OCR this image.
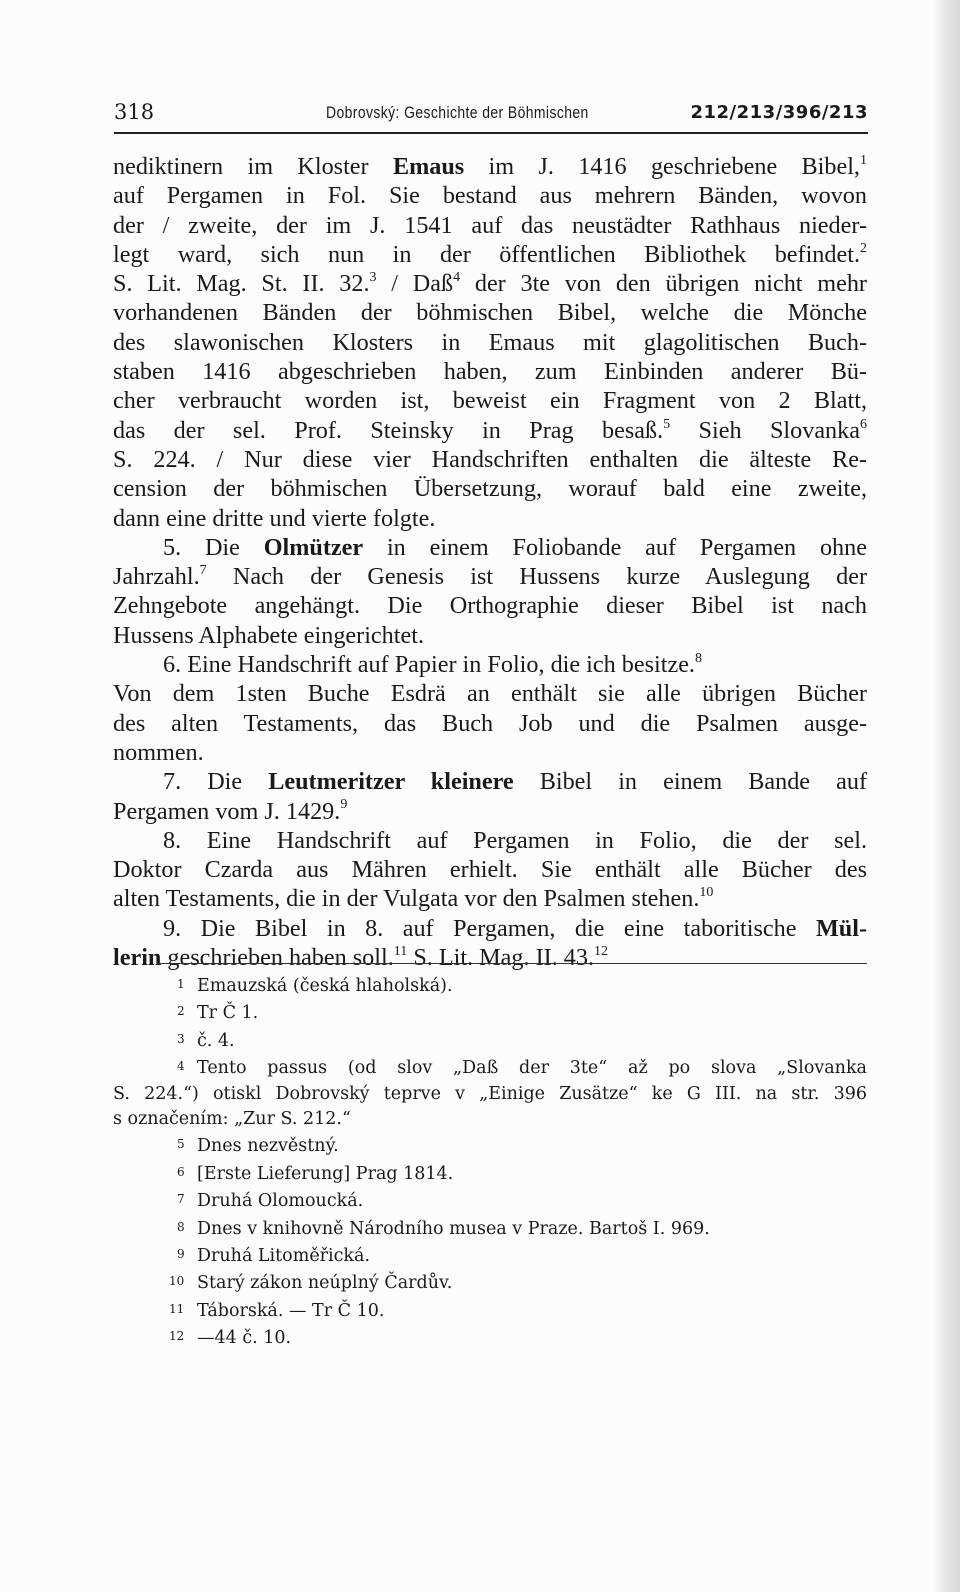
318	Dobrovský: Geschichte der Böhmischen	212/213/396/213
nediktinern im Kloster Emaus im J. 1416 geschriebene Bibel,$^1$
auf Pergamen in Fol. Sie bestand aus mehrern Bänden, wovon
der / zweite, der im J. 1541 auf das neustädter Rathhaus nieder-
legt ward, sich nun in der öffentlichen Bibliothek befindet.$^2$
S. Lit. Mag. St. II. 32.$^3$ / Daß$^4$ der 3te von den übrigen nicht mehr
vorhandenen Bänden der böhmischen Bibel, welche die Mönche
des slawonischen Klosters in Emaus mit glagolitischen Buch-
staben 1416 abgeschrieben haben, zum Einbinden anderer Bü-
cher verbraucht worden ist, beweist ein Fragment von 2 Blatt,
das der sel. Prof. Steinsky in Prag besaß.$^5$ Sieh Slovanka$^6$
S. 224. / Nur diese vier Handschriften enthalten die älteste Re-
cension der böhmischen Übersetzung, worauf bald eine zweite,
dann eine dritte und vierte folgte.
5. Die Olmützer in einem Foliobande auf Pergamen ohne
Jahrzahl.$^7$ Nach der Genesis ist Hussens kurze Auslegung der
Zehngebote angehängt. Die Orthographie dieser Bibel ist nach
Hussens Alphabete eingerichtet.
6. Eine Handschrift auf Papier in Folio, die ich besitze.$^8$
Von dem 1sten Buche Esdrä an enthält sie alle übrigen Bücher
des alten Testaments, das Buch Job und die Psalmen ausge-
nommen.
7. Die Leutmeritzer kleinere Bibel in einem Bande auf
Pergamen vom J. 1429.$^9$
8. Eine Handschrift auf Pergamen in Folio, die der sel.
Doktor Czarda aus Mähren erhielt. Sie enthält alle Bücher des
alten Testaments, die in der Vulgata vor den Psalmen stehen.$^{10}$
9. Die Bibel in 8. auf Pergamen, die eine taboritische Mül-
lerin geschrieben haben soll.$^{11}$ S. Lit. Mag. II. 43.12
1 Emauzská (česká hlaholská).
2 Tr Č 1.
3 č. 4.
4 Tento passus (od slov „Daß der 3te“ až po slova „Slovanka
S. 224.“) otiskl Dobrovský teprve v „Einige Zusätze“ ke G III. na str. 396
s označením: „Zur S. 212.“
5 Dnes nezvěstný.
6 [Erste Lieferung] Prag 1814.
7 Druhá Olomoucká.
8 Dnes v knihovně Národního musea v Praze. Bartoš I. 969.
9 Druhá Litoměřická.
10 Starý zákon neúplný Čardův.
11 Táborská. — Tr Č 10.
12 —44 č. 10.
